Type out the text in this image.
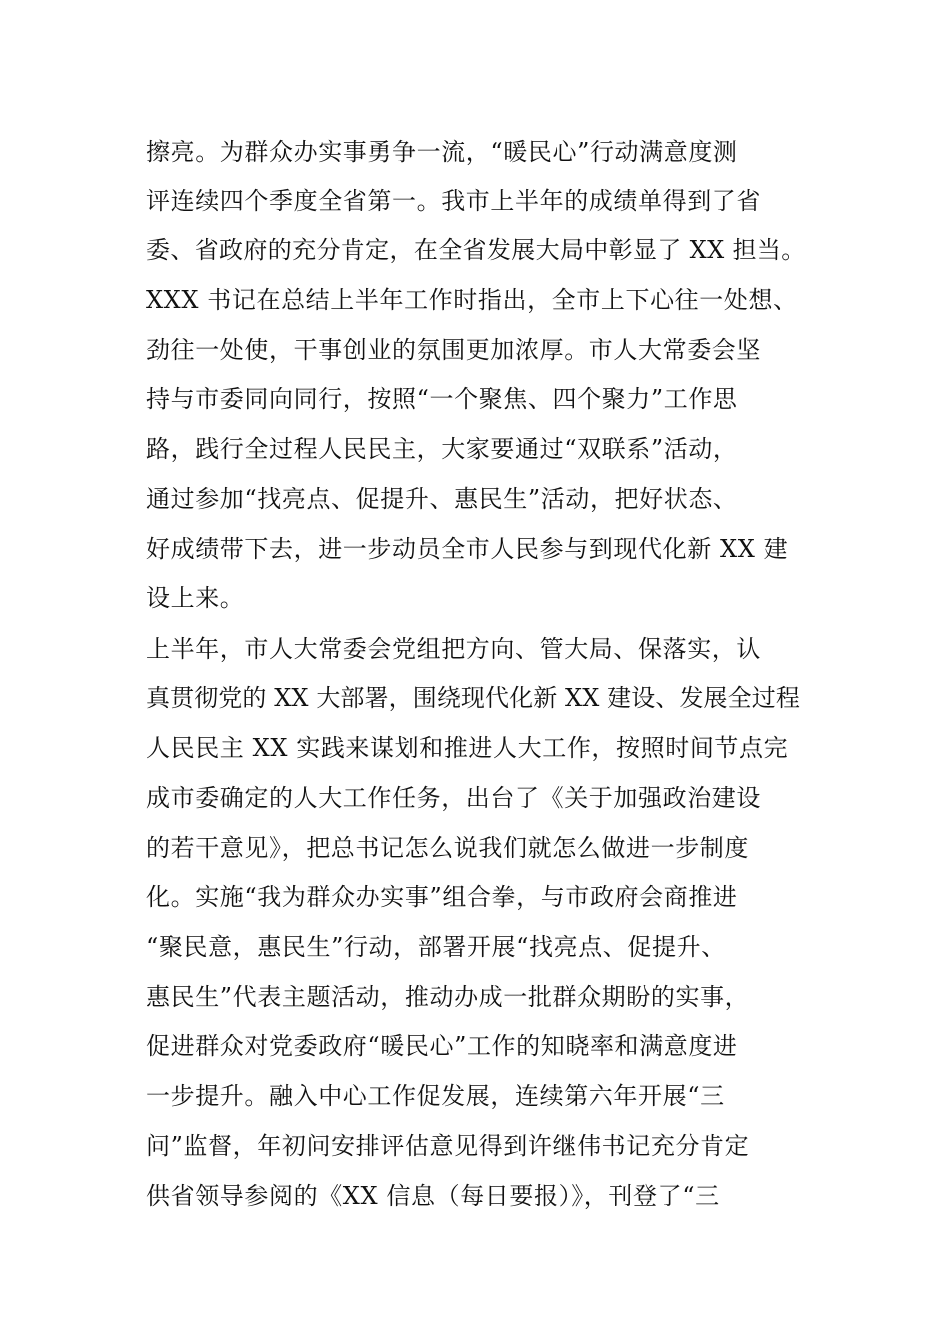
擦亮。为群众办实事勇争一流，“暖民心”行动满意度测
评连续四个季度全省第一。我市上半年的成绩单得到了省
委、省政府的充分肯定，在全省发展大局中彰显了 XX 担当。
XXX 书记在总结上半年工作时指出，全市上下心往一处想、
劲往一处使，干事创业的氛围更加浓厚。市人大常委会坚
持与市委同向同行，按照“一个聚焦、四个聚力”工作思
路，践行全过程人民民主，大家要通过“双联系”活动，
通过参加“找亮点、促提升、惠民生”活动，把好状态、
好成绩带下去，进一步动员全市人民参与到现代化新 XX 建
设上来。
上半年，市人大常委会党组把方向、管大局、保落实，认
真贯彻党的 XX 大部署，围绕现代化新 XX 建设、发展全过程
人民民主 XX 实践来谋划和推进人大工作，按照时间节点完
成市委确定的人大工作任务，出台了《关于加强政治建设
的若干意见》，把总书记怎么说我们就怎么做进一步制度
化。实施“我为群众办实事”组合拳，与市政府会商推进
“聚民意，惠民生”行动，部署开展“找亮点、促提升、
惠民生”代表主题活动，推动办成一批群众期盼的实事，
促进群众对党委政府“暖民心”工作的知晓率和满意度进
一步提升。融入中心工作促发展，连续第六年开展“三
问”监督，年初问安排评估意见得到许继伟书记充分肯定
供省领导参阅的《XX 信息（每日要报）》，刊登了“三
